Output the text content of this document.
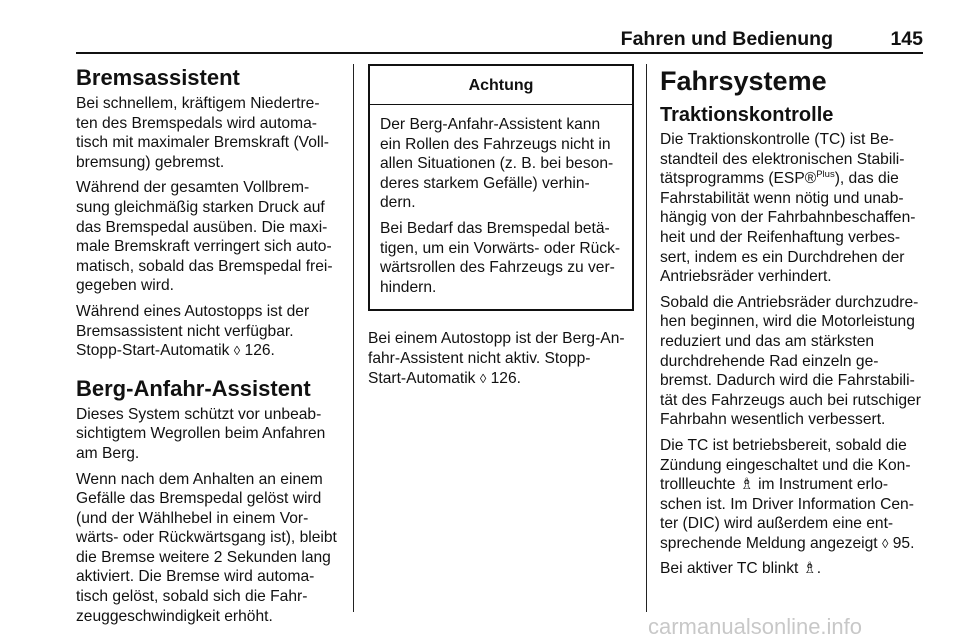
Fahren und Bedienung	145
Bremsassistent

Bei schnellem, kräftigem Niedertre-
ten des Bremspedals wird automa-
tisch mit maximaler Bremskraft (Voll-
bremsung) gebremst.

Während der gesamten Vollbrem-
sung gleichmäßig starken Druck auf
das Bremspedal ausüben. Die maxi-
male Bremskraft verringert sich auto-
matisch, sobald das Bremspedal frei-
gegeben wird.

Während eines Autostopps ist der
Bremsassistent nicht verfügbar.
Stopp-Start-Automatik ◊ 126.

Berg-Anfahr-Assistent

Dieses System schützt vor unbeab-
sichtigtem Wegrollen beim Anfahren
am Berg.

Wenn nach dem Anhalten an einem
Gefälle das Bremspedal gelöst wird
(und der Wählhebel in einem Vor-
wärts- oder Rückwärtsgang ist), bleibt
die Bremse weitere 2 Sekunden lang
aktiviert. Die Bremse wird automa-
tisch gelöst, sobald sich die Fahr-
zeuggeschwindigkeit erhöht.

Achtung

Der Berg-Anfahr-Assistent kann
ein Rollen des Fahrzeugs nicht in
allen Situationen (z. B. bei beson-
deres starkem Gefälle) verhin-
dern.

Bei Bedarf das Bremspedal betä-
tigen, um ein Vorwärts- oder Rück-
wärtsrollen des Fahrzeugs zu ver-
hindern.

Bei einem Autostopp ist der Berg-An-
fahr-Assistent nicht aktiv. Stopp-
Start-Automatik ◊ 126.

Fahrsysteme
Traktionskontrolle

Die Traktionskontrolle (TC) ist Be-
standteil des elektronischen Stabili-
tätsprogramms (ESP®$^{Plus}$), das die
Fahrstabilität wenn nötig und unab-
hängig von der Fahrbahnbeschaffen-
heit und der Reifenhaftung verbes-
sert, indem es ein Durchdrehen der
Antriebsräder verhindert.

Sobald die Antriebsräder durchzudre-
hen beginnen, wird die Motorleistung
reduziert und das am stärksten
durchdrehende Rad einzeln ge-
bremst. Dadurch wird die Fahrstabili-
tät des Fahrzeugs auch bei rutschiger
Fahrbahn wesentlich verbessert.

Die TC ist betriebsbereit, sobald die
Zündung eingeschaltet und die Kon-
trollleuchte ♗ im Instrument erlo-
schen ist. Im Driver Information Cen-
ter (DIC) wird außerdem eine ent-
sprechende Meldung angezeigt ◊ 95.

Bei aktiver TC blinkt ♗.

carmanualsonline.info
